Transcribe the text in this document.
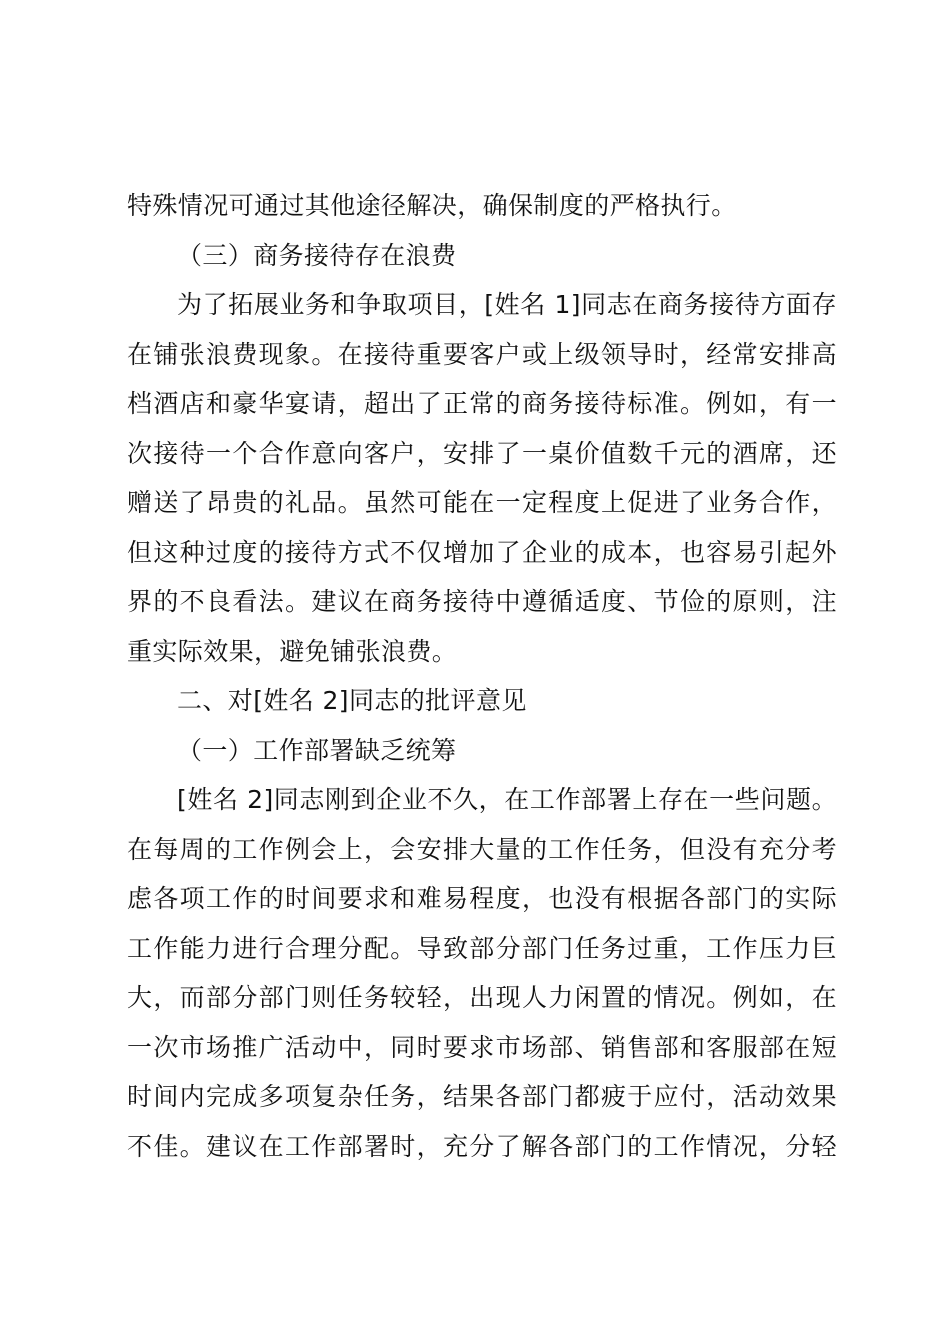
特殊情况可通过其他途径解决，确保制度的严格执行。
（三）商务接待存在浪费
为了拓展业务和争取项目，[姓名 1]同志在商务接待方面存
在铺张浪费现象。在接待重要客户或上级领导时，经常安排高
档酒店和豪华宴请，超出了正常的商务接待标准。例如，有一
次接待一个合作意向客户，安排了一桌价值数千元的酒席，还
赠送了昂贵的礼品。虽然可能在一定程度上促进了业务合作，
但这种过度的接待方式不仅增加了企业的成本，也容易引起外
界的不良看法。建议在商务接待中遵循适度、节俭的原则，注
重实际效果，避免铺张浪费。
二、对[姓名 2]同志的批评意见
（一）工作部署缺乏统筹
[姓名 2]同志刚到企业不久，在工作部署上存在一些问题。
在每周的工作例会上，会安排大量的工作任务，但没有充分考
虑各项工作的时间要求和难易程度，也没有根据各部门的实际
工作能力进行合理分配。导致部分部门任务过重，工作压力巨
大，而部分部门则任务较轻，出现人力闲置的情况。例如，在
一次市场推广活动中，同时要求市场部、销售部和客服部在短
时间内完成多项复杂任务，结果各部门都疲于应付，活动效果
不佳。建议在工作部署时，充分了解各部门的工作情况，分轻
